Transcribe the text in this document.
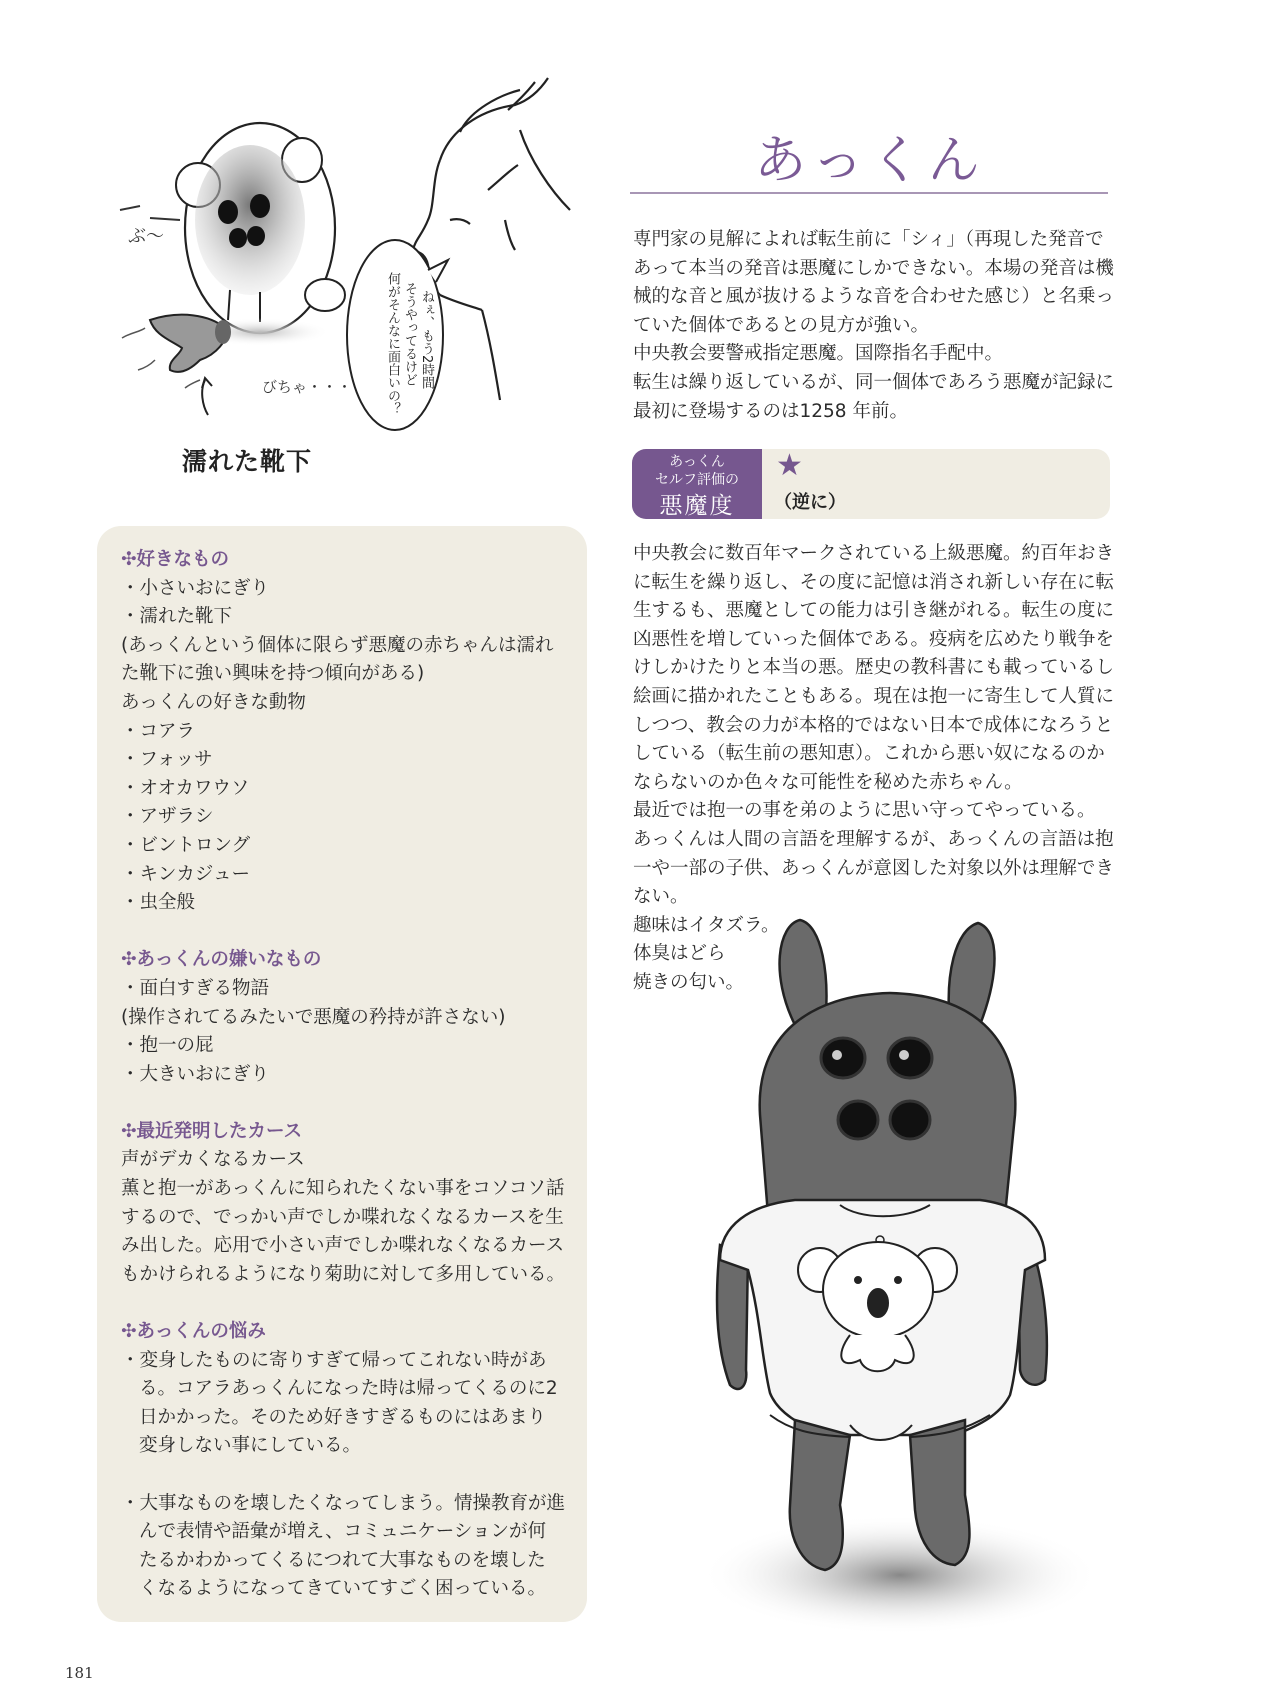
ぶ〜
びちゃ・・・	ねぇ、もう2時間
そうやってるけど
何がそんなに面白いの？
濡れた靴下
あっくん
専門家の見解によれば転生前に「シィ」（再現した発音で
あって本当の発音は悪魔にしかできない。本場の発音は機
械的な音と風が抜けるような音を合わせた感じ）と名乗っ
ていた個体であるとの見方が強い。
中央教会要警戒指定悪魔。国際指名手配中。
転生は繰り返しているが、同一個体であろう悪魔が記録に
最初に登場するのは1258 年前。
あっくん
セルフ評価の
悪魔度
★
（逆に）
中央教会に数百年マークされている上級悪魔。約百年おき
に転生を繰り返し、その度に記憶は消され新しい存在に転
生するも、悪魔としての能力は引き継がれる。転生の度に
凶悪性を増していった個体である。疫病を広めたり戦争を
けしかけたりと本当の悪。歴史の教科書にも載っているし
絵画に描かれたこともある。現在は抱一に寄生して人質に
しつつ、教会の力が本格的ではない日本で成体になろうと
している（転生前の悪知恵）。これから悪い奴になるのか
ならないのか色々な可能性を秘めた赤ちゃん。
最近では抱一の事を弟のように思い守ってやっている。
あっくんは人間の言語を理解するが、あっくんの言語は抱
一や一部の子供、あっくんが意図した対象以外は理解でき
ない。
趣味はイタズラ。
体臭はどら
焼きの匂い。
✣好きなもの
・小さいおにぎり
・濡れた靴下
(あっくんという個体に限らず悪魔の赤ちゃんは濡れ
た靴下に強い興味を持つ傾向がある)
あっくんの好きな動物
・コアラ
・フォッサ
・オオカワウソ
・アザラシ
・ビントロング
・キンカジュー
・虫全般
✣あっくんの嫌いなもの
・面白すぎる物語
(操作されてるみたいで悪魔の矜持が許さない)
・抱一の屁
・大きいおにぎり
✣最近発明したカース
声がデカくなるカース
薫と抱一があっくんに知られたくない事をコソコソ話
するので、でっかい声でしか喋れなくなるカースを生
み出した。応用で小さい声でしか喋れなくなるカース
もかけられるようになり菊助に対して多用している。
✣あっくんの悩み
・変身したものに寄りすぎて帰ってこれない時があ
る。コアラあっくんになった時は帰ってくるのに2
日かかった。そのため好きすぎるものにはあまり
変身しない事にしている。
・大事なものを壊したくなってしまう。情操教育が進
んで表情や語彙が増え、コミュニケーションが何
たるかわかってくるにつれて大事なものを壊した
くなるようになってきていてすごく困っている。
181
